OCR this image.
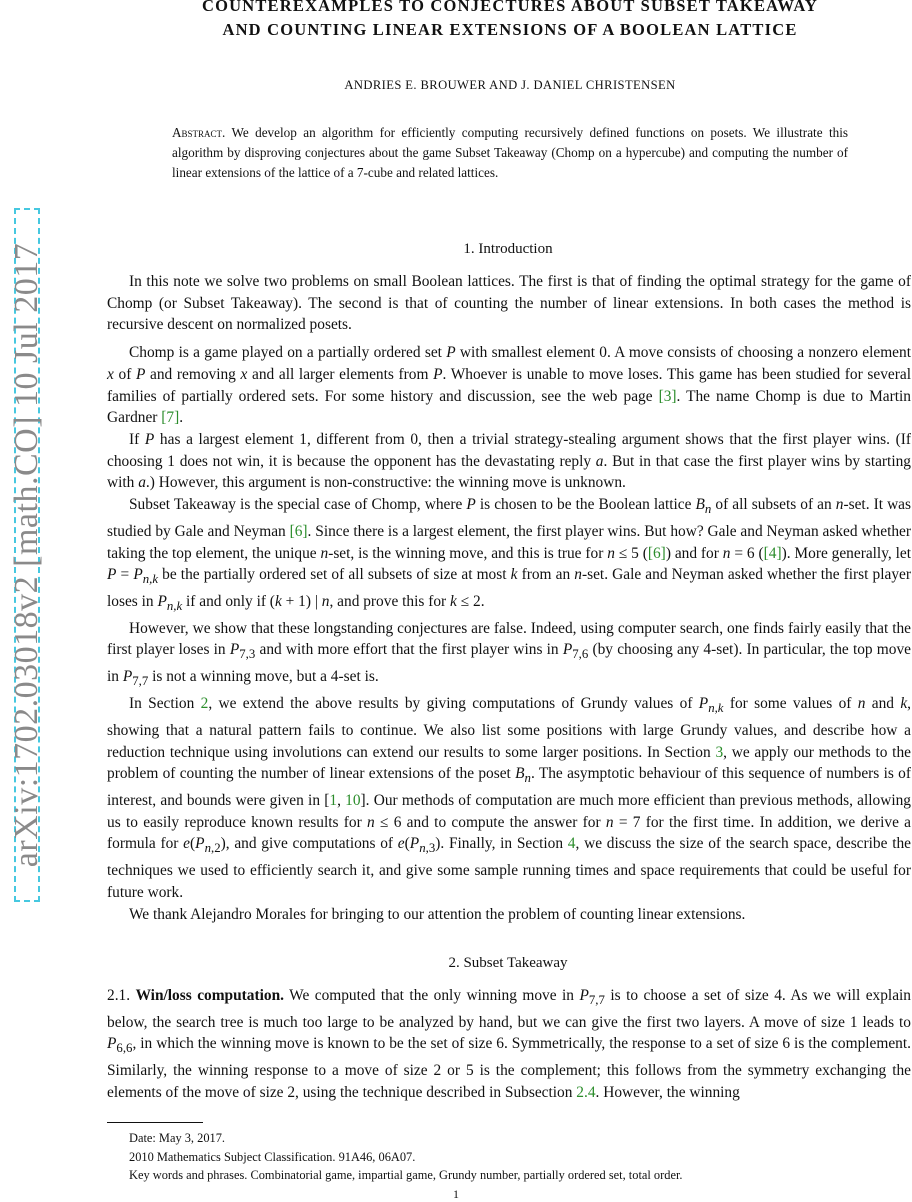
arXiv:1702.03018v2 [math.CO] 10 Jul 2017
COUNTEREXAMPLES TO CONJECTURES ABOUT SUBSET TAKEAWAY
AND COUNTING LINEAR EXTENSIONS OF A BOOLEAN LATTICE
ANDRIES E. BROUWER AND J. DANIEL CHRISTENSEN
Abstract. We develop an algorithm for efficiently computing recursively defined functions on posets. We illustrate this algorithm by disproving conjectures about the game Subset Takeaway (Chomp on a hypercube) and computing the number of linear extensions of the lattice of a 7-cube and related lattices.
1. Introduction

In this note we solve two problems on small Boolean lattices. The first is that of finding the optimal strategy for the game of Chomp (or Subset Takeaway). The second is that of counting the number of linear extensions. In both cases the method is recursive descent on normalized posets.

Chomp is a game played on a partially ordered set P with smallest element 0. A move consists of choosing a nonzero element x of P and removing x and all larger elements from P. Whoever is unable to move loses. This game has been studied for several families of partially ordered sets. For some history and discussion, see the web page [3]. The name Chomp is due to Martin Gardner [7].

If P has a largest element 1, different from 0, then a trivial strategy-stealing argument shows that the first player wins. (If choosing 1 does not win, it is because the opponent has the devastating reply a. But in that case the first player wins by starting with a.) However, this argument is non-constructive: the winning move is unknown.

Subset Takeaway is the special case of Chomp, where P is chosen to be the Boolean lattice $B_n$ of all subsets of an n-set. It was studied by Gale and Neyman [6]. Since there is a largest element, the first player wins. But how? Gale and Neyman asked whether taking the top element, the unique n-set, is the winning move, and this is true for n ≤ 5 ([6]) and for n = 6 ([4]). More generally, let $P = P_{n,k}$ be the partially ordered set of all subsets of size at most k from an n-set. Gale and Neyman asked whether the first player loses in $P_{n,k}$ if and only if (k + 1) | n, and prove this for k ≤ 2.

However, we show that these longstanding conjectures are false. Indeed, using computer search, one finds fairly easily that the first player loses in $P_{7,3}$ and with more effort that the first player wins in $P_{7,6}$ (by choosing any 4-set). In particular, the top move in $P_{7,7}$ is not a winning move, but a 4-set is.

In Section 2, we extend the above results by giving computations of Grundy values of $P_{n,k}$ for some values of n and k, showing that a natural pattern fails to continue. We also list some positions with large Grundy values, and describe how a reduction technique using involutions can extend our results to some larger positions. In Section 3, we apply our methods to the problem of counting the number of linear extensions of the poset $B_n$. The asymptotic behaviour of this sequence of numbers is of interest, and bounds were given in [1, 10]. Our methods of computation are much more efficient than previous methods, allowing us to easily reproduce known results for n ≤ 6 and to compute the answer for n = 7 for the first time. In addition, we derive a formula for $e(P_{n,2})$, and give computations of $e(P_{n,3})$. Finally, in Section 4, we discuss the size of the search space, describe the techniques we used to efficiently search it, and give some sample running times and space requirements that could be useful for future work.

We thank Alejandro Morales for bringing to our attention the problem of counting linear extensions.

2. Subset Takeaway

2.1. Win/loss computation. We computed that the only winning move in $P_{7,7}$ is to choose a set of size 4. As we will explain below, the search tree is much too large to be analyzed by hand, but we can give the first two layers. A move of size 1 leads to $P_{6,6}$, in which the winning move is known to be the set of size 6. Symmetrically, the response to a set of size 6 is the complement. Similarly, the winning response to a move of size 2 or 5 is the complement; this follows from the symmetry exchanging the elements of the move of size 2, using the technique described in Subsection 2.4. However, the winning

Date: May 3, 2017.
2010 Mathematics Subject Classification. 91A46, 06A07.
Key words and phrases. Combinatorial game, impartial game, Grundy number, partially ordered set, total order.
1
